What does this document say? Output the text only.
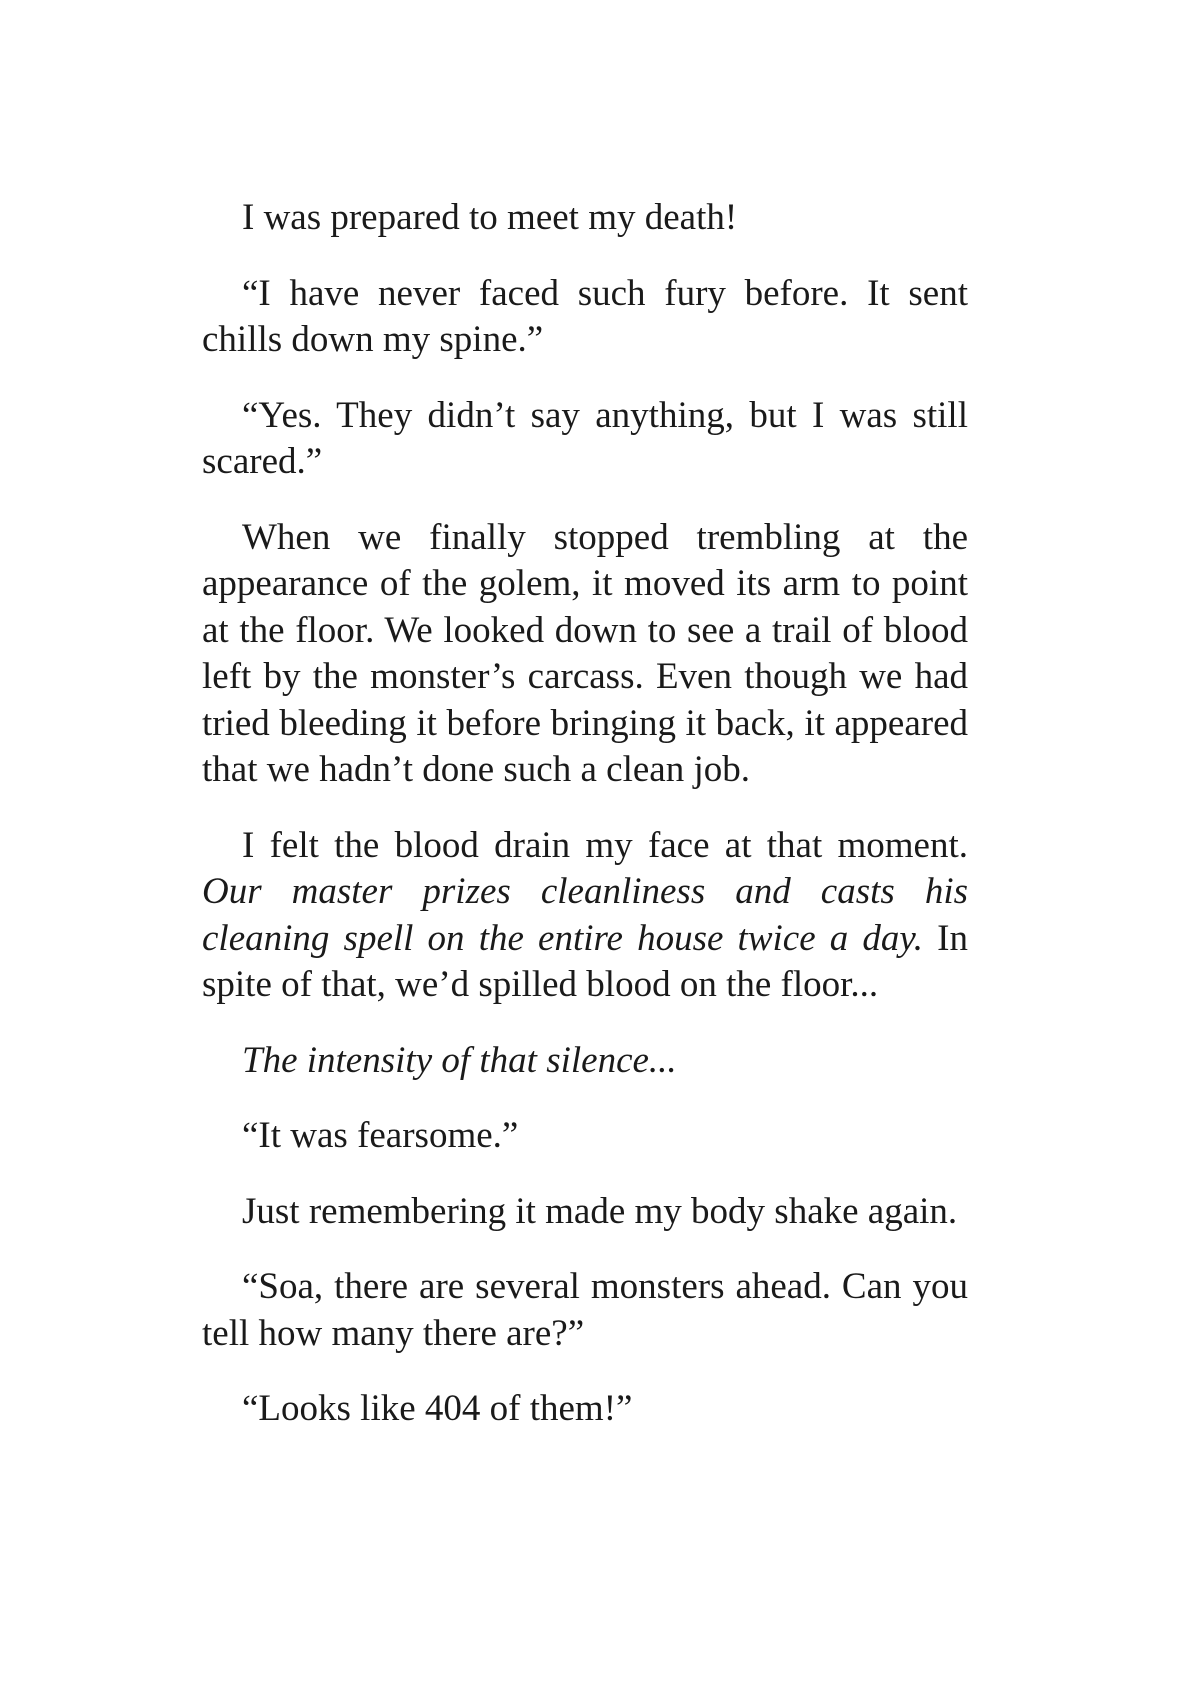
I was prepared to meet my death!

“I have never faced such fury before. It sent chills down my spine.”

“Yes. They didn’t say anything, but I was still scared.”

When we finally stopped trembling at the appearance of the golem, it moved its arm to point at the floor. We looked down to see a trail of blood left by the monster’s carcass. Even though we had tried bleeding it before bringing it back, it appeared that we hadn’t done such a clean job.

I felt the blood drain my face at that moment. Our master prizes cleanliness and casts his cleaning spell on the entire house twice a day. In spite of that, we’d spilled blood on the floor...

The intensity of that silence...

“It was fearsome.”

Just remembering it made my body shake again.

“Soa, there are several monsters ahead. Can you tell how many there are?”

“Looks like 404 of them!”
